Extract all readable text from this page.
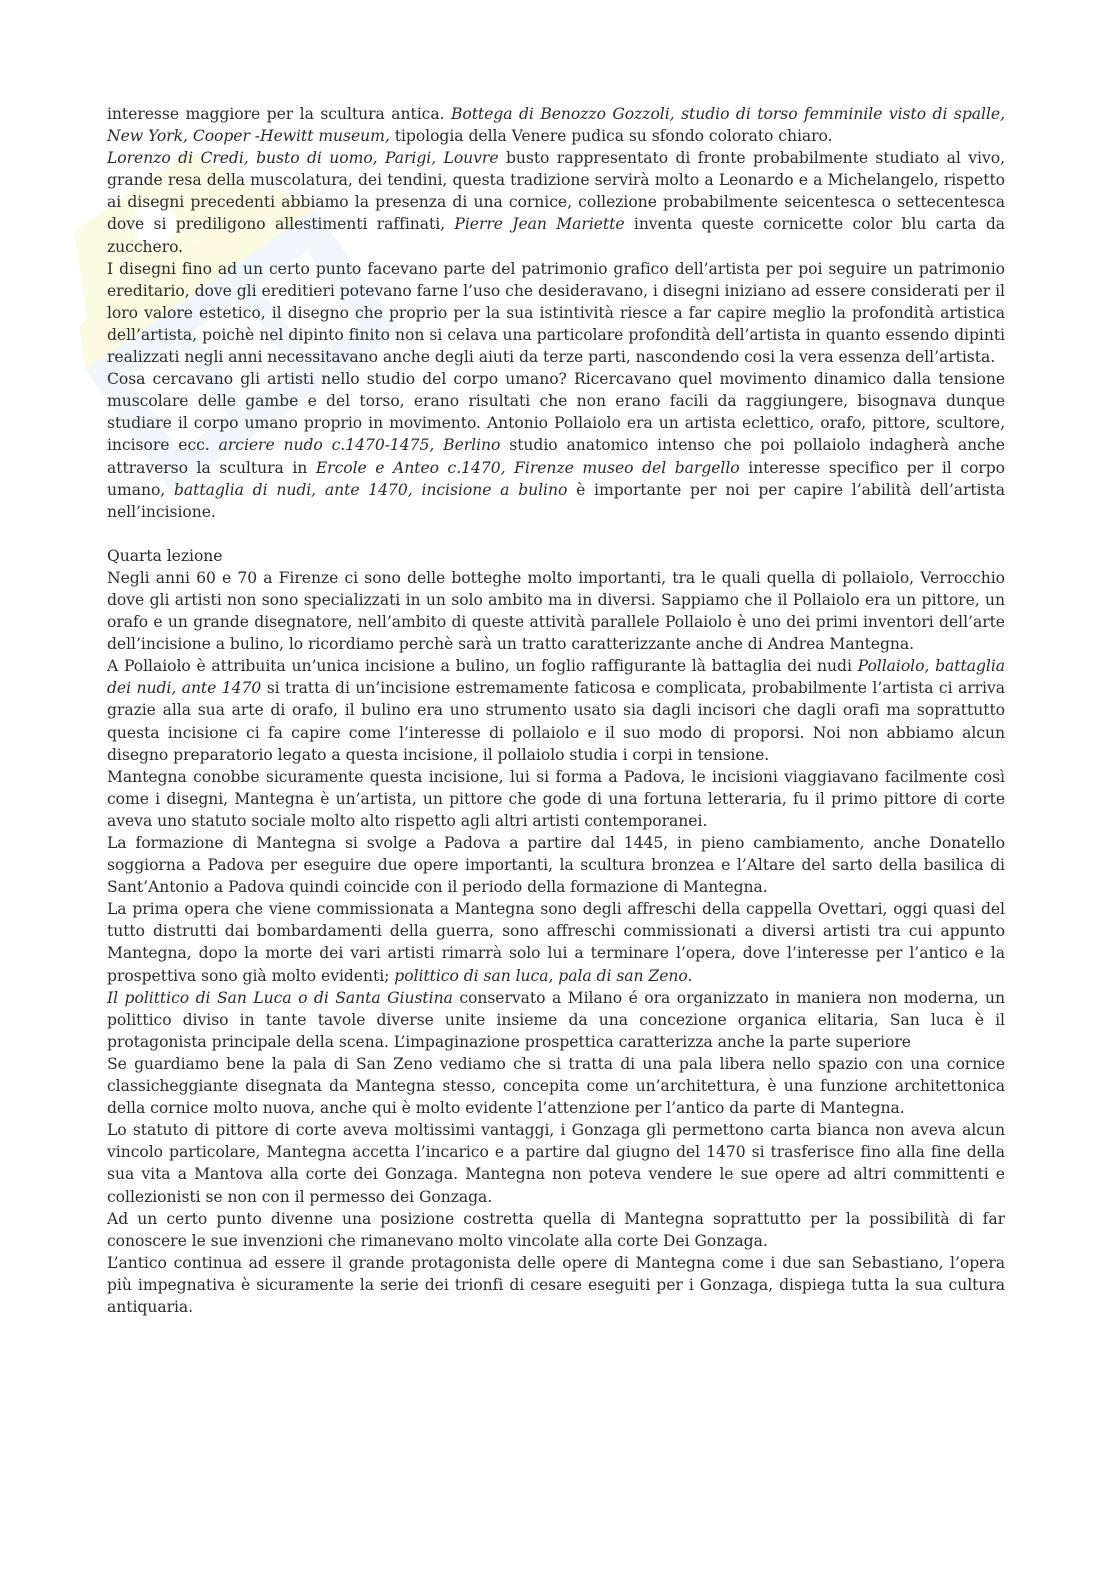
interesse maggiore per la scultura antica. Bottega di Benozzo Gozzoli, studio di torso femminile visto di spalle, New York, Cooper -Hewitt museum, tipologia della Venere pudica su sfondo colorato chiaro.

Lorenzo di Credi, busto di uomo, Parigi, Louvre busto rappresentato di fronte probabilmente studiato al vivo, grande resa della muscolatura, dei tendini, questa tradizione servirà molto a Leonardo e a Michelangelo, rispetto ai disegni precedenti abbiamo la presenza di una cornice, collezione probabilmente seicentesca o settecentesca dove si prediligono allestimenti raffinati, Pierre Jean Mariette inventa queste cornicette color blu carta da zucchero.

I disegni fino ad un certo punto facevano parte del patrimonio grafico dell’artista per poi seguire un patrimonio ereditario, dove gli ereditieri potevano farne l’uso che desideravano, i disegni iniziano ad essere considerati per il loro valore estetico, il disegno che proprio per la sua istintività riesce a far capire meglio la profondità artistica dell’artista, poichè nel dipinto finito non si celava una particolare profondità dell’artista in quanto essendo dipinti realizzati negli anni necessitavano anche degli aiuti da terze parti, nascondendo cosi la vera essenza dell’artista.

Cosa cercavano gli artisti nello studio del corpo umano? Ricercavano quel movimento dinamico dalla tensione muscolare delle gambe e del torso, erano risultati che non erano facili da raggiungere, bisognava dunque studiare il corpo umano proprio in movimento. Antonio Pollaiolo era un artista eclettico, orafo, pittore, scultore, incisore ecc. arciere nudo c.1470-1475, Berlino studio anatomico intenso che poi pollaiolo indagherà anche attraverso la scultura in Ercole e Anteo c.1470, Firenze museo del bargello interesse specifico per il corpo umano, battaglia di nudi, ante 1470, incisione a bulino è importante per noi per capire l’abilità dell’artista nell’incisione.

Quarta lezione

Negli anni 60 e 70 a Firenze ci sono delle botteghe molto importanti, tra le quali quella di pollaiolo, Verrocchio dove gli artisti non sono specializzati in un solo ambito ma in diversi. Sappiamo che il Pollaiolo era un pittore, un orafo e un grande disegnatore, nell’ambito di queste attività parallele Pollaiolo è uno dei primi inventori dell’arte dell’incisione a bulino, lo ricordiamo perchè sarà un tratto caratterizzante anche di Andrea Mantegna.

A Pollaiolo è attribuita un’unica incisione a bulino, un foglio raffigurante là battaglia dei nudi Pollaiolo, battaglia dei nudi, ante 1470 si tratta di un’incisione estremamente faticosa e complicata, probabilmente l’artista ci arriva grazie alla sua arte di orafo, il bulino era uno strumento usato sia dagli incisori che dagli orafi ma soprattutto questa incisione ci fa capire come l’interesse di pollaiolo e il suo modo di proporsi. Noi non abbiamo alcun disegno preparatorio legato a questa incisione, il pollaiolo studia i corpi in tensione.

Mantegna conobbe sicuramente questa incisione, lui si forma a Padova, le incisioni viaggiavano facilmente così come i disegni, Mantegna è un’artista, un pittore che gode di una fortuna letteraria, fu il primo pittore di corte aveva uno statuto sociale molto alto rispetto agli altri artisti contemporanei.

La formazione di Mantegna si svolge a Padova a partire dal 1445, in pieno cambiamento, anche Donatello soggiorna a Padova per eseguire due opere importanti, la scultura bronzea e l’Altare del sarto della basilica di Sant’Antonio a Padova quindi coincide con il periodo della formazione di Mantegna.

La prima opera che viene commissionata a Mantegna sono degli affreschi della cappella Ovettari, oggi quasi del tutto distrutti dai bombardamenti della guerra, sono affreschi commissionati a diversi artisti tra cui appunto Mantegna, dopo la morte dei vari artisti rimarrà solo lui a terminare l’opera, dove l’interesse per l’antico e la prospettiva sono già molto evidenti; polittico di san luca, pala di san Zeno.

Il polittico di San Luca o di Santa Giustina conservato a Milano é ora organizzato in maniera non moderna, un polittico diviso in tante tavole diverse unite insieme da una concezione organica elitaria, San luca è il protagonista principale della scena. L’impaginazione prospettica caratterizza anche la parte superiore

Se guardiamo bene la pala di San Zeno vediamo che si tratta di una pala libera nello spazio con una cornice classicheggiante disegnata da Mantegna stesso, concepita come un’architettura, è una funzione architettonica della cornice molto nuova, anche qui è molto evidente l’attenzione per l’antico da parte di Mantegna.

Lo statuto di pittore di corte aveva moltissimi vantaggi, i Gonzaga gli permettono carta bianca non aveva alcun vincolo particolare, Mantegna accetta l’incarico e a partire dal giugno del 1470 si trasferisce fino alla fine della sua vita a Mantova alla corte dei Gonzaga. Mantegna non poteva vendere le sue opere ad altri committenti e collezionisti se non con il permesso dei Gonzaga.

Ad un certo punto divenne una posizione costretta quella di Mantegna soprattutto per la possibilità di far conoscere le sue invenzioni che rimanevano molto vincolate alla corte Dei Gonzaga.

L’antico continua ad essere il grande protagonista delle opere di Mantegna come i due san Sebastiano, l’opera più impegnativa è sicuramente la serie dei trionfi di cesare eseguiti per i Gonzaga, dispiega tutta la sua cultura antiquaria.
